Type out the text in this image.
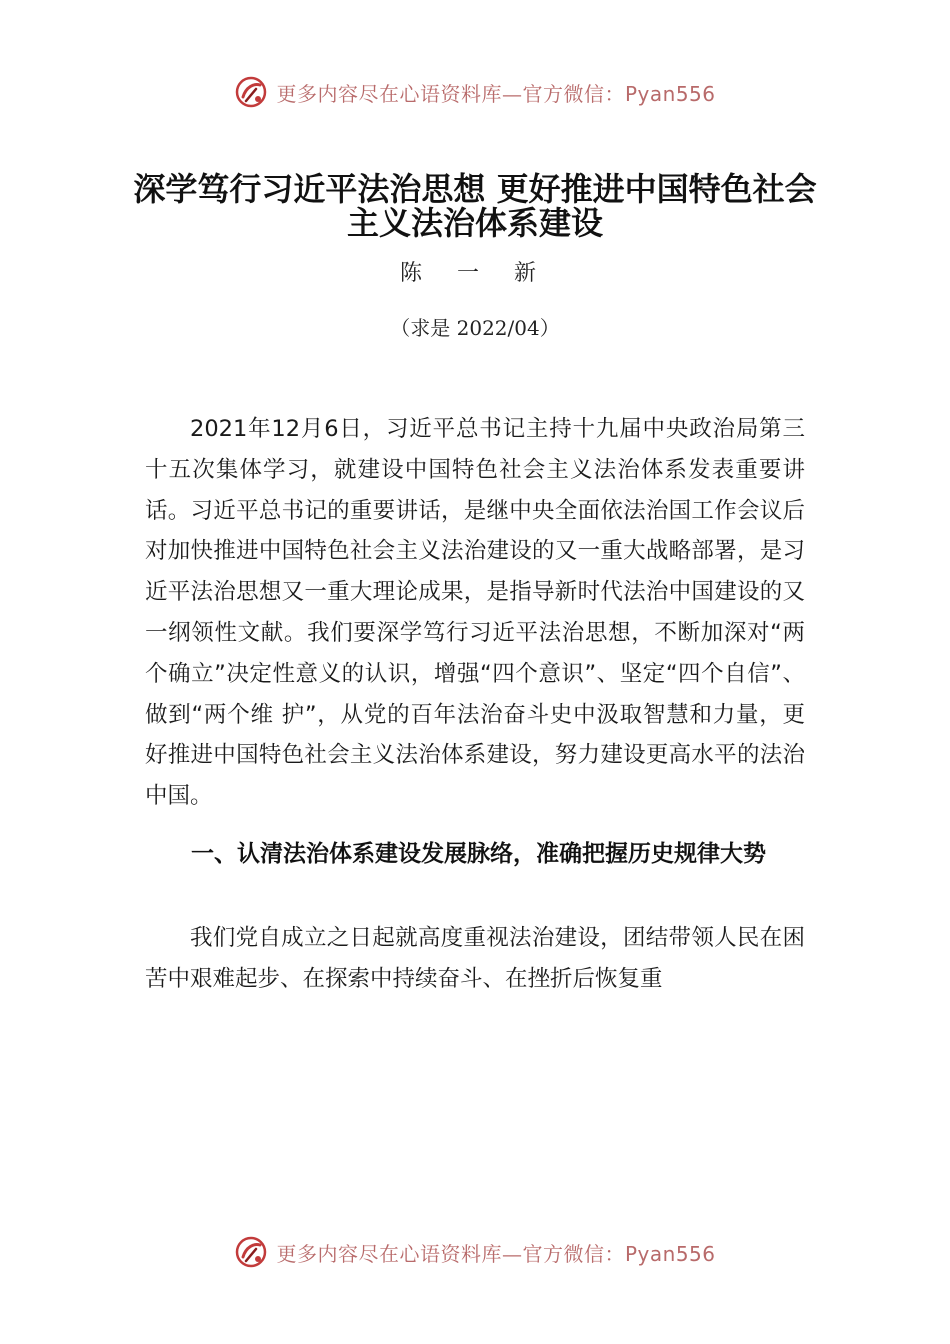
更多内容尽在心语资料库—官方微信：Pyan556
深学笃行习近平法治思想 更好推进中国特色社会主义法治体系建设
陈 一 新
（求是 2022/04）

2021年12月6日，习近平总书记主持十九届中央政治局第三十五次集体学习，就建设中国特色社会主义法治体系发表重要讲话。习近平总书记的重要讲话，是继中央全面依法治国工作会议后对加快推进中国特色社会主义法治建设的又一重大战略部署，是习近平法治思想又一重大理论成果，是指导新时代法治中国建设的又一纲领性文献。我们要深学笃行习近平法治思想，不断加深对“两个确立”决定性意义的认识，增强“四个意识”、坚定“四个自信”、做到“两个维 护”，从党的百年法治奋斗史中汲取智慧和力量，更好推进中国特色社会主义法治体系建设，努力建设更高水平的法治中国。

一、认清法治体系建设发展脉络，准确把握历史规律大势

我们党自成立之日起就高度重视法治建设，团结带领人民在困苦中艰难起步、在探索中持续奋斗、在挫折后恢复重

更多内容尽在心语资料库—官方微信：Pyan556
